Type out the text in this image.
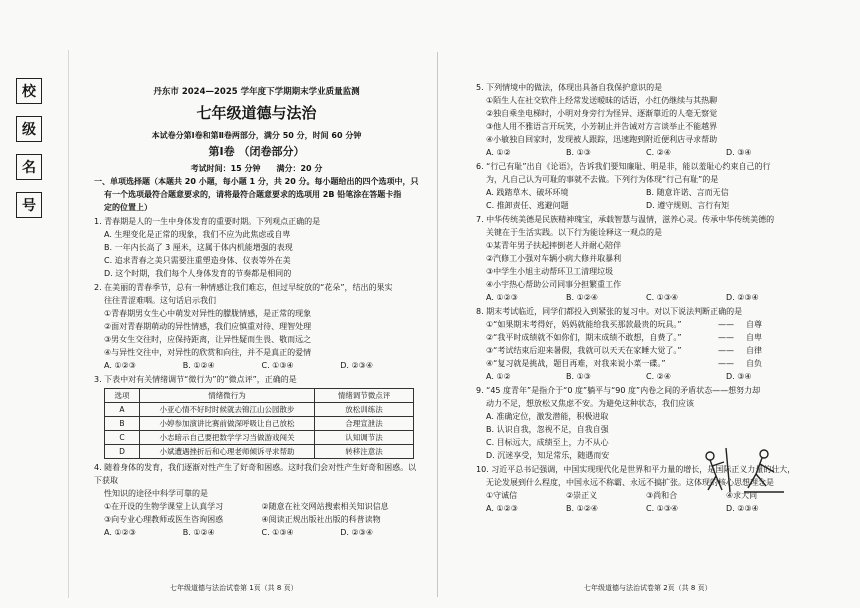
校
级
名
号
丹东市 2024—2025 学年度下学期期末学业质量监测
七年级道德与法治
本试卷分第Ⅰ卷和第Ⅱ卷两部分，满分 50 分，时间 60 分钟
第Ⅰ卷 （闭卷部分）
考试时间：15 分钟　　满分：20 分
一、单项选择题（本题共 20 小题，每小题 1 分，共 20 分。每小题给出的四个选项中，只
有一个选项最符合题意要求的，请将最符合题意要求的选项用 2B 铅笔涂在答题卡指
定的位置上）
1. 青春期是人的一生中身体发育的重要时期。下列观点正确的是
A. 生理变化是正常的现象，我们不应为此焦虑或自卑
B. 一年内长高了 3 厘米，这属于体内机能增强的表现
C. 追求青春之美只需要注重塑造身体、仪表等外在美
D. 这个时期，我们每个人身体发育的节奏都是相同的
2. 在美丽的青春季节，总有一种情感让我们难忘，但过早绽放的“花朵”，结出的果实
往往青涩难咽。这句话启示我们
①青春期男女生心中萌发对异性的朦胧情感，是正常的现象
②面对青春期萌动的异性情感，我们应慎重对待、理智处理
③男女生交往时，应保持距离，让异性疑而生畏、敬而远之
④与异性交往中，对异性的欣赏和向往，并不是真正的爱情
A. ①②③	B. ①②④	C. ①③④	D. ②③④
3. 下表中对有关情绪调节“微行为”的“微点评”，正确的是
选项	情绪微行为	情绪调节微点评
A	小亚心情不好时时候就去锦江山公园散步	放松训练法
B	小婷参加演讲比赛前做深呼吸让自己放松	合理宣泄法
C	小志暗示自己要把数学学习当做游戏闯关	认知调节法
D	小斌遭遇挫折后和心理老师倾诉寻求帮助	转移注意法
4. 随着身体的发育，我们逐渐对性产生了好奇和困惑。这时我们会对性产生好奇和困惑。以下获取
性知识的途径中科学可靠的是
①在开设的生物学课堂上认真学习	②随意在社交网站搜索相关知识信息
③向专业心理教师或医生咨询困惑	④阅读正规出版社出版的科普读物
A. ①②③	B. ①②④	C. ①③④	D. ②③④
5. 下列情境中的做法，体现出具备自我保护意识的是
①陌生人在社交软件上经常发送暧昧的话语，小红仍继续与其热聊
②独自乘坐电梯时，小明对身旁行为怪异、逐渐靠近的人毫无察觉
③他人用不雅语言开玩笑，小芳制止并告诫对方言谈举止不能越界
④小敏独自回家时，发现被人跟踪，迅速跑到附近便利店寻求帮助
A. ①②	B. ①③	C. ②④	D. ③④
6. “行己有耻”出自《论语》，告诉我们要知廉耻、明是非，能以羞耻心约束自己的行
为，凡自己认为可耻的事就不去做。下列行为体现“行己有耻”的是
A. 践踏草木、破坏环境	B. 随意许诺、言而无信
C. 推卸责任、逃避问题	D. 遵守规则、言行有矩
7. 中华传统美德是民族精神瑰宝，承载智慧与温情，滋养心灵。传承中华传统美德的
关键在于生活实践。以下行为能诠释这一观点的是
①某青年男子扶起摔倒老人并耐心陪伴
②汽修工小强对车辆小病大修并取暴利
③中学生小旭主动帮环卫工清理垃圾
④小宇热心帮助公司同事分担繁重工作
A. ①②③	B. ①②④	C. ①③④	D. ②③④
8. 期末考试临近，同学们都投入到紧张的复习中。对以下说法判断正确的是
①“如果期末考得好，妈妈就能给我买那款最贵的玩具。”	——	自尊
②“我平时成绩就不如你们，期末成绩不敢想，自费了。”	——	自卑
③“考试结束后迎来暑假，我就可以天天在家睡大觉了。”	——	自律
④“复习就是挑战，题目再难，对我来说小菜一碟。”	——	自负
A. ①②	B. ①③	C. ②④	D. ③④
9. “45 度青年”是指介于“0 度”躺平与“90 度”内卷之间的矛盾状态——想努力却
动力不足，想放松又焦虑不安。为避免这种状态，我们应该
A. 准确定位，激发潜能，积极进取
B. 认识自我，忽视不足，自我自强
C. 目标远大，成绩至上，力不从心
D. 沉迷享受，知足常乐，随遇而安
10. 习近平总书记强调，中国实现现代化是世界和平力量的增长，是国际正义力量的壮大，
无论发展到什么程度，中国永远不称霸、永远不搞扩张。这体现的核心思想理念是
①守诚信	②崇正义	③尚和合	④求大同
A. ①②③	B. ①②④	C. ①③④	D. ②③④
七年级道德与法治试卷第 1页（共 8 页）	七年级道德与法治试卷第 2页（共 8 页）
